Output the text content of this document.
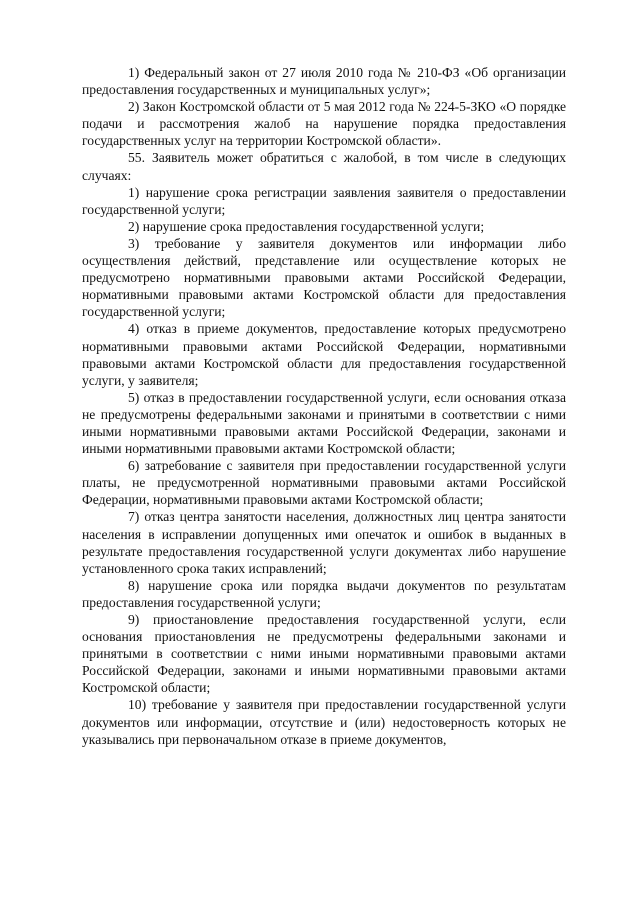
1) Федеральный закон от 27 июля 2010 года № 210-ФЗ «Об организации предоставления государственных и муниципальных услуг»;

2) Закон Костромской области от 5 мая 2012 года № 224-5-ЗКО «О порядке подачи и рассмотрения жалоб на нарушение порядка предоставления государственных услуг на территории Костромской области».

55. Заявитель может обратиться с жалобой, в том числе в следующих случаях:

1) нарушение срока регистрации заявления заявителя о предоставлении государственной услуги;

2) нарушение срока предоставления государственной услуги;

3) требование у заявителя документов или информации либо осуществления действий, представление или осуществление которых не предусмотрено нормативными правовыми актами Российской Федерации, нормативными правовыми актами Костромской области для предоставления государственной услуги;

4) отказ в приеме документов, предоставление которых предусмотрено нормативными правовыми актами Российской Федерации, нормативными правовыми актами Костромской области для предоставления государственной услуги, у заявителя;

5) отказ в предоставлении государственной услуги, если основания отказа не предусмотрены федеральными законами и принятыми в соответствии с ними иными нормативными правовыми актами Российской Федерации, законами и иными нормативными правовыми актами Костромской области;

6) затребование с заявителя при предоставлении государственной услуги платы, не предусмотренной нормативными правовыми актами Российской Федерации, нормативными правовыми актами Костромской области;

7) отказ центра занятости населения, должностных лиц центра занятости населения в исправлении допущенных ими опечаток и ошибок в выданных в результате предоставления государственной услуги документах либо нарушение установленного срока таких исправлений;

8) нарушение срока или порядка выдачи документов по результатам предоставления государственной услуги;

9) приостановление предоставления государственной услуги, если основания приостановления не предусмотрены федеральными законами и принятыми в соответствии с ними иными нормативными правовыми актами Российской Федерации, законами и иными нормативными правовыми актами Костромской области;

10) требование у заявителя при предоставлении государственной услуги документов или информации, отсутствие и (или) недостоверность которых не указывались при первоначальном отказе в приеме документов,
